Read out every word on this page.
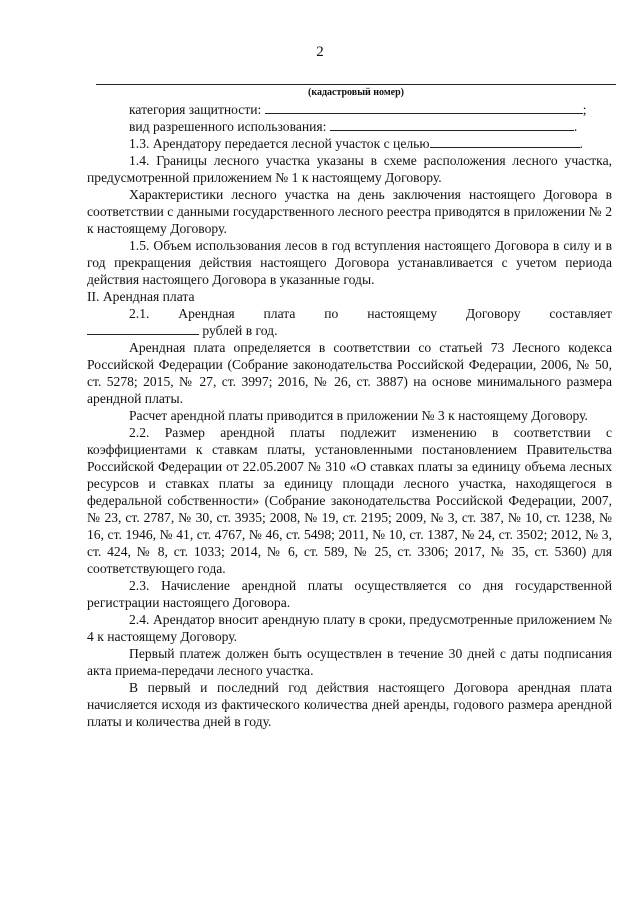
2
(кадастровый номер)

категория защитности:	;

вид разрешенного использования:	.

1.3. Арендатору передается лесной участок с целью	.

1.4. Границы лесного участка указаны в схеме расположения лесного участка, предусмотренной приложением № 1 к настоящему Договору.

Характеристики лесного участка на день заключения настоящего Договора в соответствии с данными государственного лесного реестра приводятся в приложении № 2 к настоящему Договору.

1.5. Объем использования лесов в год вступления настоящего Договора в силу и в год прекращения действия настоящего Договора устанавливается с учетом периода действия настоящего Договора в указанные годы.

II. Арендная плата

2.1. Арендная плата по настоящему Договору составляет

рублей в год.

Арендная плата определяется в соответствии со статьей 73 Лесного кодекса Российской Федерации (Собрание законодательства Российской Федерации, 2006, № 50, ст. 5278; 2015, № 27, ст. 3997; 2016, № 26, ст. 3887) на основе минимального размера арендной платы.

Расчет арендной платы приводится в приложении № 3 к настоящему Договору.

2.2. Размер арендной платы подлежит изменению в соответствии с коэффициентами к ставкам платы, установленными постановлением Правительства Российской Федерации от 22.05.2007 № 310 «О ставках платы за единицу объема лесных ресурсов и ставках платы за единицу площади лесного участка, находящегося в федеральной собственности» (Собрание законодательства Российской Федерации, 2007, № 23, ст. 2787, № 30, ст. 3935; 2008, № 19, ст. 2195; 2009, № 3, ст. 387, № 10, ст. 1238, № 16, ст. 1946, № 41, ст. 4767, № 46, ст. 5498; 2011, № 10, ст. 1387, № 24, ст. 3502; 2012, № 3, ст. 424, № 8, ст. 1033; 2014, № 6, ст. 589, № 25, ст. 3306; 2017, № 35, ст. 5360) для соответствующего года.

2.3. Начисление арендной платы осуществляется со дня государственной регистрации настоящего Договора.

2.4. Арендатор вносит арендную плату в сроки, предусмотренные приложением № 4 к настоящему Договору.

Первый платеж должен быть осуществлен в течение 30 дней с даты подписания акта приема-передачи лесного участка.

В первый и последний год действия настоящего Договора арендная плата начисляется исходя из фактического количества дней аренды, годового размера арендной платы и количества дней в году.
